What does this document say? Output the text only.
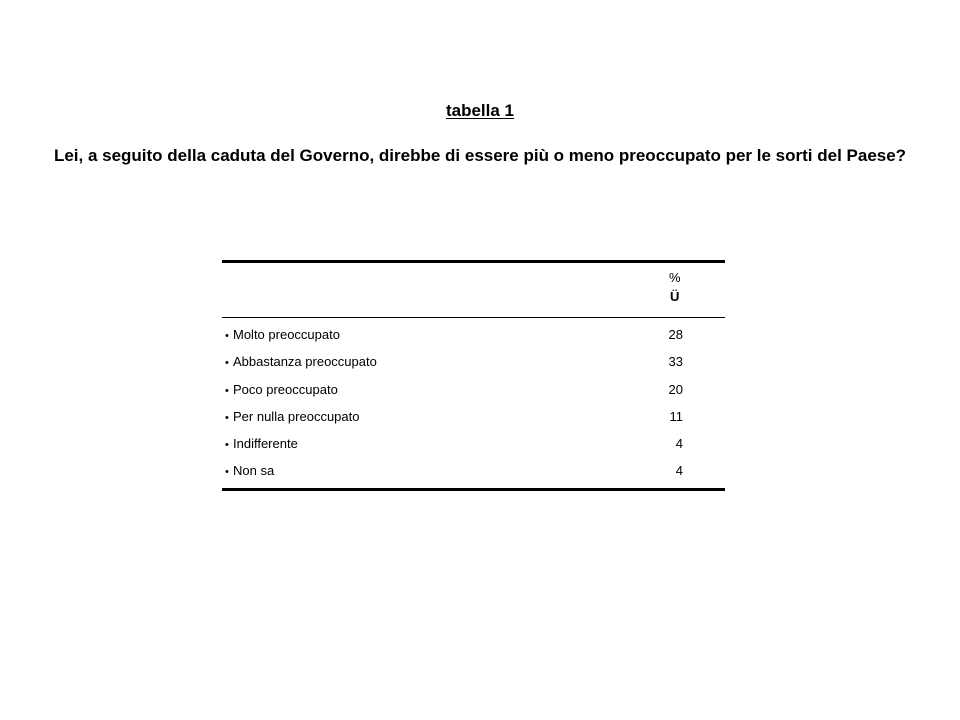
tabella 1
Lei, a seguito della caduta del Governo, direbbe di essere più o meno preoccupato per le sorti del Paese?
%
Ü
• Molto preoccupato	28
• Abbastanza preoccupato	33
• Poco preoccupato	20
• Per nulla preoccupato	11
• Indifferente	4
• Non sa	4
